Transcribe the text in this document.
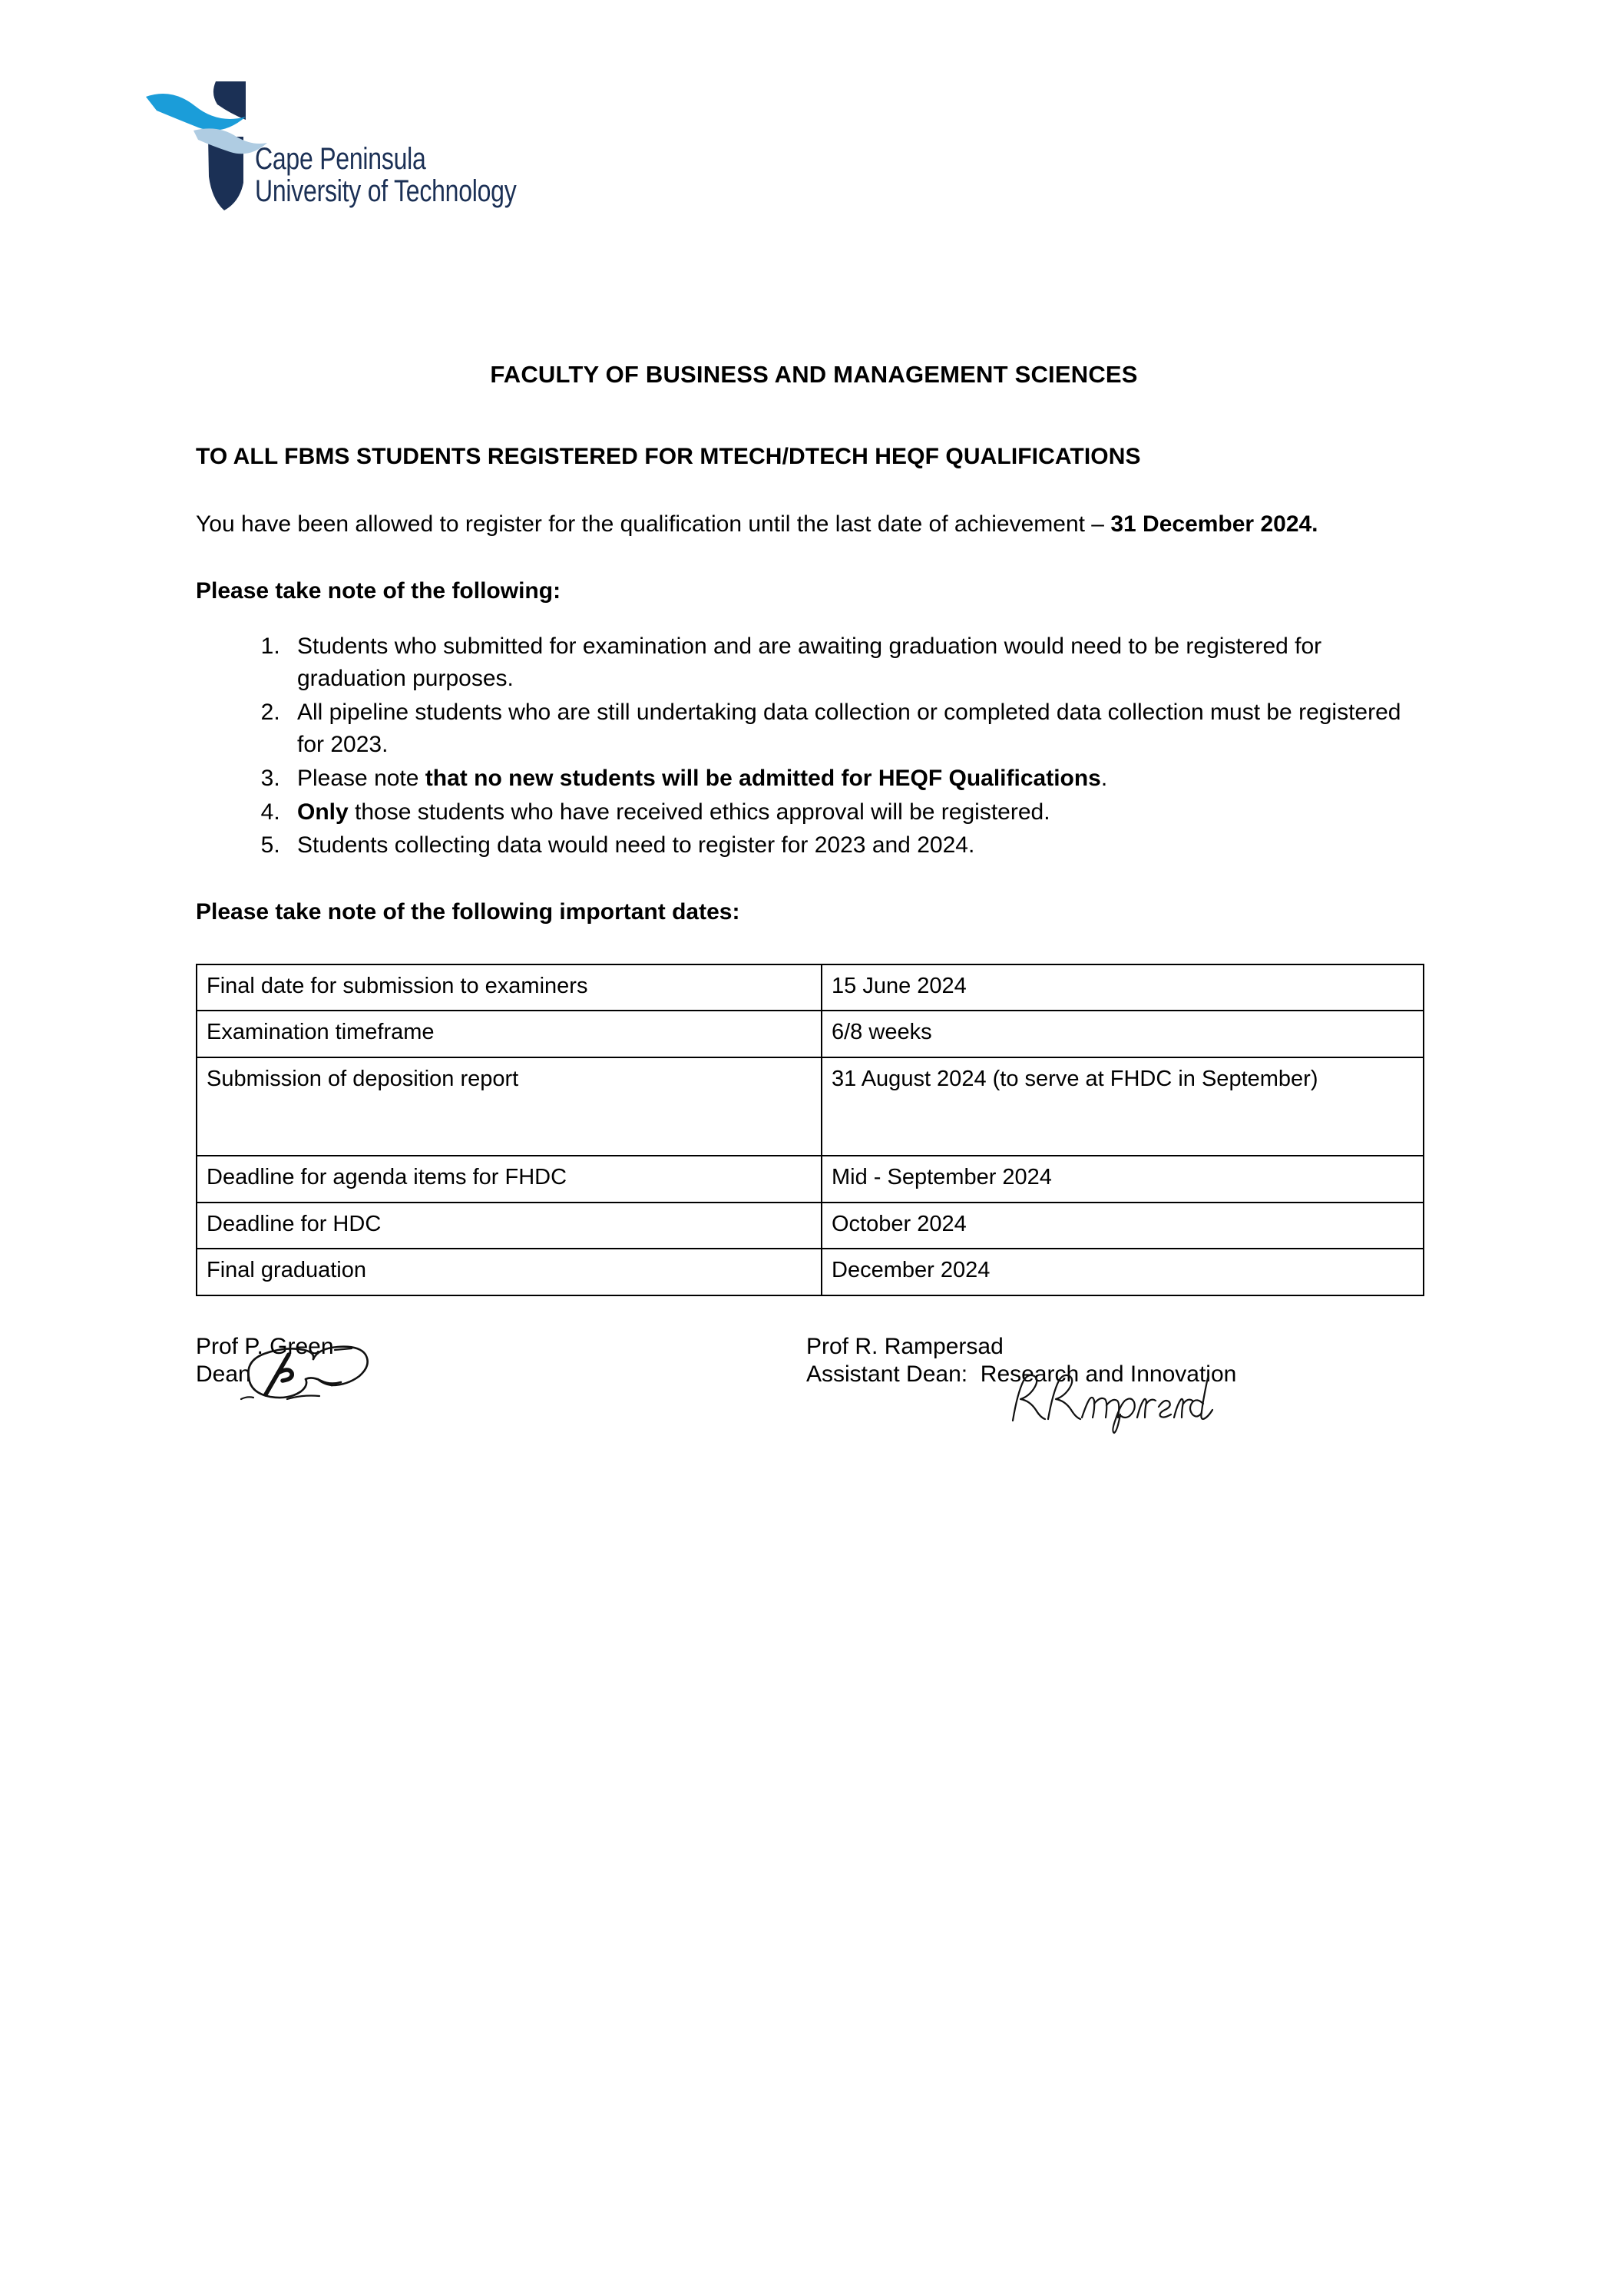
Cape Peninsula
University of Technology
FACULTY OF BUSINESS AND MANAGEMENT SCIENCES
TO ALL FBMS STUDENTS REGISTERED FOR MTECH/DTECH HEQF QUALIFICATIONS
You have been allowed to register for the qualification until the last date of achievement – 31 December 2024.
Please take note of the following:
1. Students who submitted for examination and are awaiting graduation would need to be registered for graduation purposes.
2. All pipeline students who are still undertaking data collection or completed data collection must be registered for 2023.
3. Please note that no new students will be admitted for HEQF Qualifications.
4. Only those students who have received ethics approval will be registered.
5. Students collecting data would need to register for 2023 and 2024.
Please take note of the following important dates:
Final date for submission to examiners	15 June 2024
Examination timeframe	6/8 weeks
Submission of deposition report	31 August 2024 (to serve at FHDC in September)
Deadline for agenda items for FHDC	Mid - September 2024
Deadline for HDC	October 2024
Final graduation	December 2024
Prof P. Green
Dean
Prof R. Rampersad
Assistant Dean:  Research and Innovation
